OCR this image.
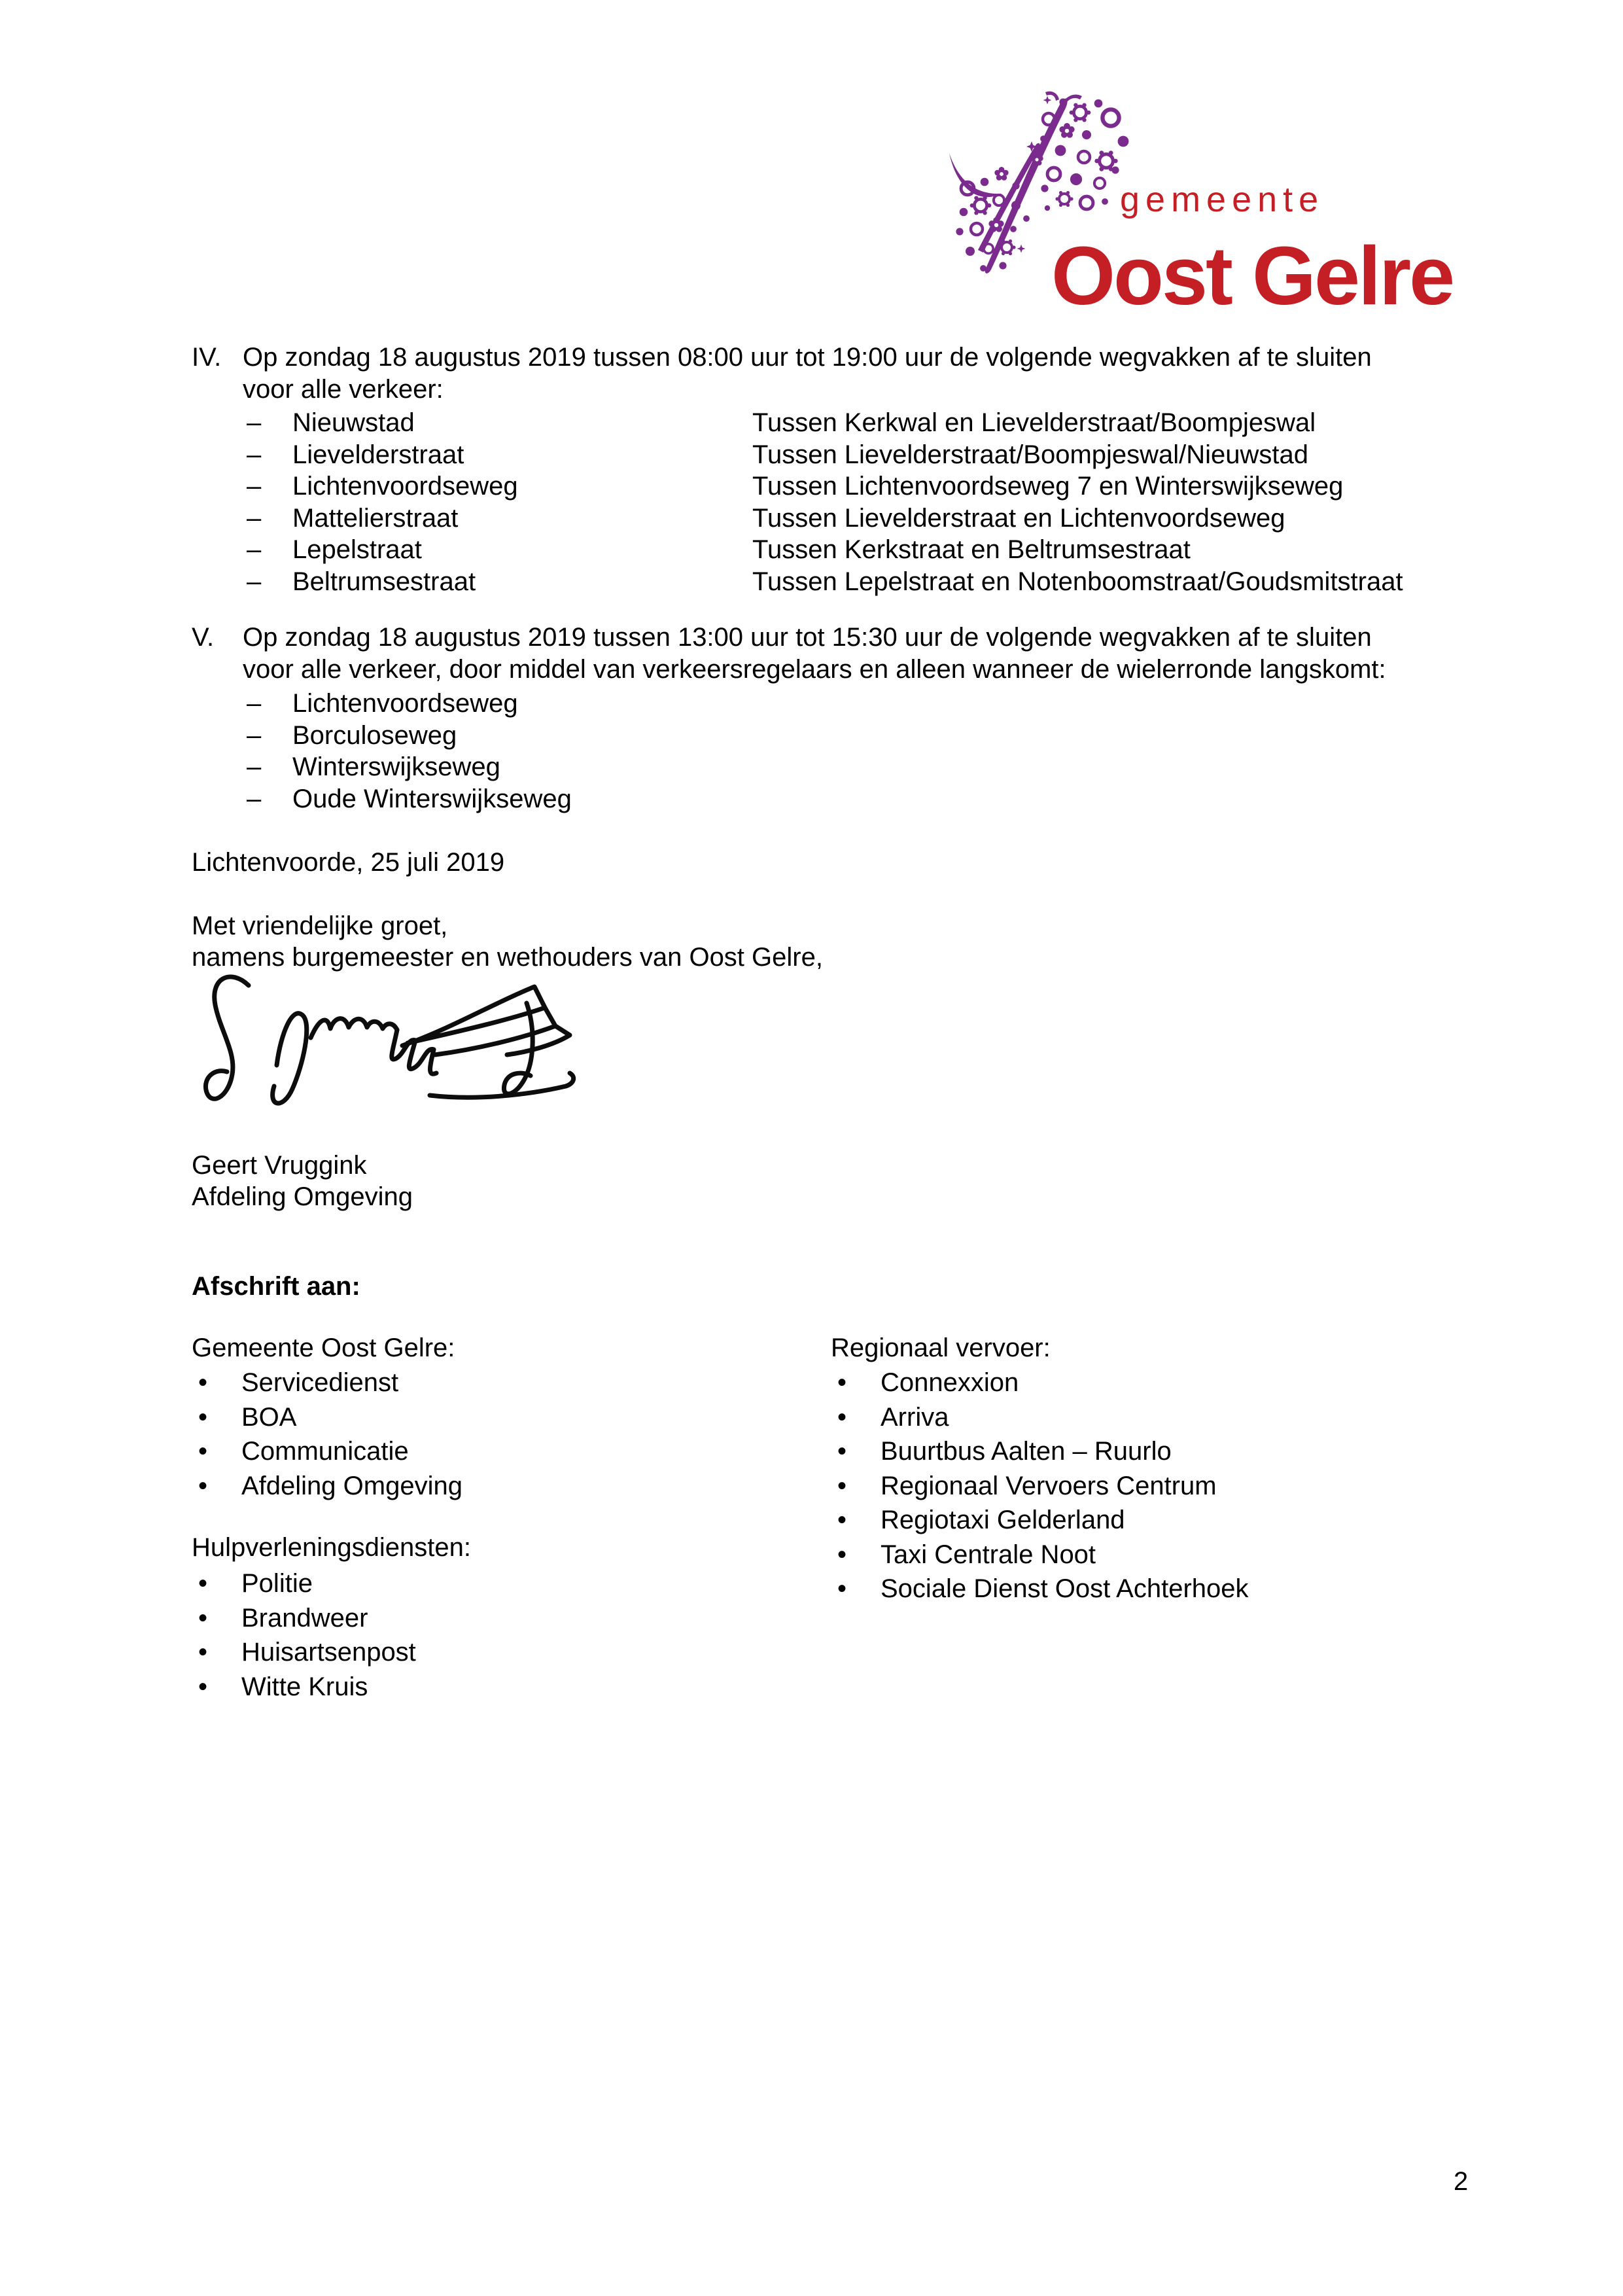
gemeente
Oost Gelre
IV. Op zondag 18 augustus 2019 tussen 08:00 uur tot 19:00 uur de volgende wegvakken af te sluiten
voor alle verkeer:
– Nieuwstad	Tussen Kerkwal en Lievelderstraat/Boompjeswal
– Lievelderstraat	Tussen Lievelderstraat/Boompjeswal/Nieuwstad
– Lichtenvoordseweg	Tussen Lichtenvoordseweg 7 en Winterswijkseweg
– Mattelierstraat	Tussen Lievelderstraat en Lichtenvoordseweg
– Lepelstraat	Tussen Kerkstraat en Beltrumsestraat
– Beltrumsestraat	Tussen Lepelstraat en Notenboomstraat/Goudsmitstraat
V. Op zondag 18 augustus 2019 tussen 13:00 uur tot 15:30 uur de volgende wegvakken af te sluiten
voor alle verkeer, door middel van verkeersregelaars en alleen wanneer de wielerronde langskomt:
– Lichtenvoordseweg
– Borculoseweg
– Winterswijkseweg
– Oude Winterswijkseweg
Lichtenvoorde, 25 juli 2019
Met vriendelijke groet,
namens burgemeester en wethouders van Oost Gelre,
Geert Vruggink
Afdeling Omgeving
Afschrift aan:
Gemeente Oost Gelre:
• Servicedienst
• BOA
• Communicatie
• Afdeling Omgeving
Hulpverleningsdiensten:
• Politie
• Brandweer
• Huisartsenpost
• Witte Kruis
Regionaal vervoer:
• Connexxion
• Arriva
• Buurtbus Aalten – Ruurlo
• Regionaal Vervoers Centrum
• Regiotaxi Gelderland
• Taxi Centrale Noot
• Sociale Dienst Oost Achterhoek
2
